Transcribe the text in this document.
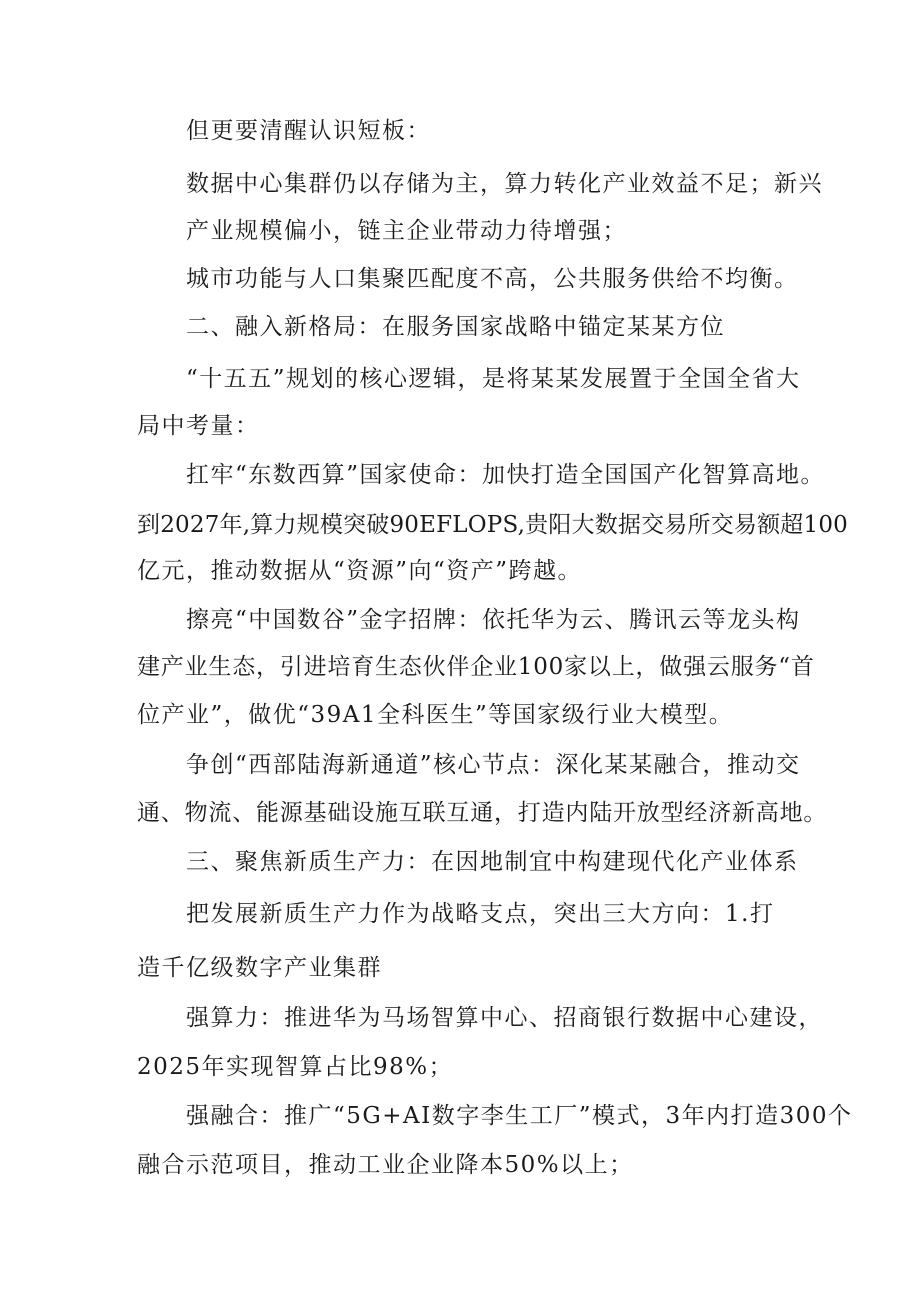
但更要清醒认识短板：

数据中心集群仍以存储为主，算力转化产业效益不足；新兴

产业规模偏小，链主企业带动力待增强；

城市功能与人口集聚匹配度不高，公共服务供给不均衡。

二、融入新格局：在服务国家战略中锚定某某方位

“十五五”规划的核心逻辑，是将某某发展置于全国全省大

局中考量：

扛牢“东数西算”国家使命：加快打造全国国产化智算高地。

到2027年,算力规模突破90EFLOPS,贵阳大数据交易所交易额超100

亿元，推动数据从“资源”向“资产”跨越。

擦亮“中国数谷”金字招牌：依托华为云、腾讯云等龙头构

建产业生态，引进培育生态伙伴企业100家以上，做强云服务“首

位产业”，做优“39A1全科医生”等国家级行业大模型。

争创“西部陆海新通道”核心节点：深化某某融合，推动交

通、物流、能源基础设施互联互通，打造内陆开放型经济新高地。

三、聚焦新质生产力：在因地制宜中构建现代化产业体系

把发展新质生产力作为战略支点，突出三大方向：1.打

造千亿级数字产业集群

强算力：推进华为马场智算中心、招商银行数据中心建设，

2025年实现智算占比98%；

强融合：推广“5G+AI数字李生工厂”模式，3年内打造300个

融合示范项目，推动工业企业降本50%以上；
